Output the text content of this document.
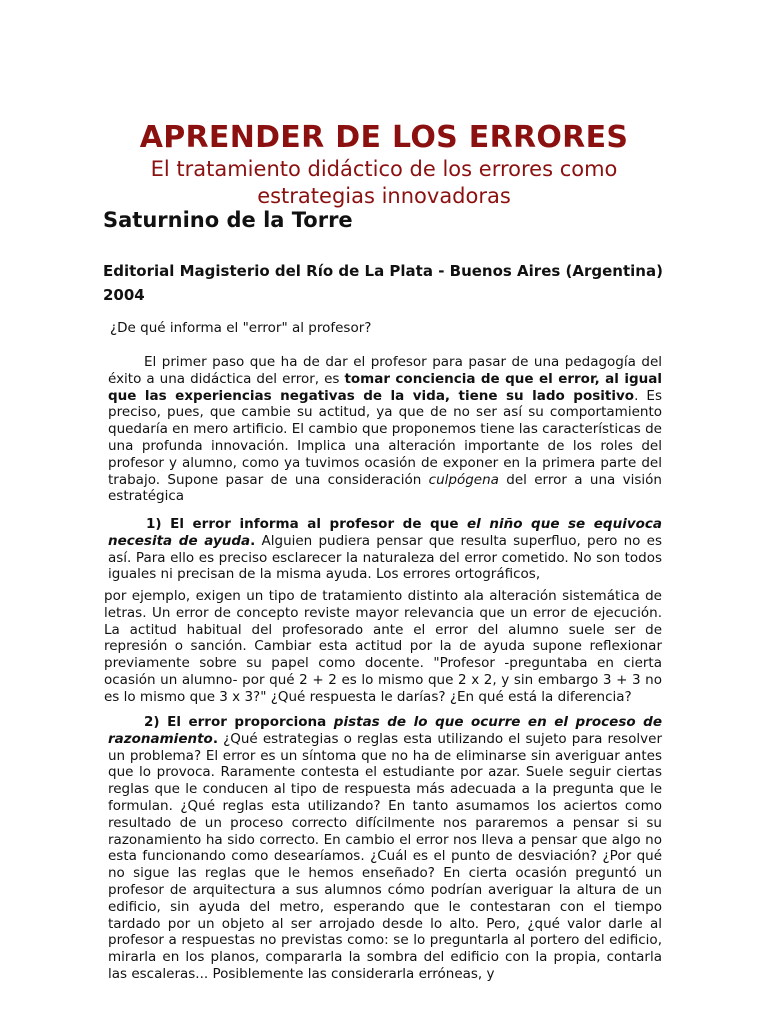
APRENDER DE LOS ERRORES

El tratamiento didáctico de los errores como estrategias innovadoras

Saturnino de la Torre

Editorial Magisterio del Río de La Plata - Buenos Aires (Argentina) 2004

¿De qué informa el "error" al profesor?

El primer paso que ha de dar el profesor para pasar de una pedagogía del éxito a una didáctica del error, es tomar conciencia de que el error, al igual que las experiencias negativas de la vida, tiene su lado positivo. Es preciso, pues, que cambie su actitud, ya que de no ser así su comportamiento quedaría en mero artificio. El cambio que proponemos tiene las características de una profunda innovación. Implica una alteración importante de los roles del profesor y alumno, como ya tuvimos ocasión de exponer en la primera parte del trabajo. Supone pasar de una consideración culpógena del error a una visión estratégica

1) El error informa al profesor de que el niño que se equivoca necesita de ayuda. Alguien pudiera pensar que resulta superfluo, pero no es así. Para ello es preciso esclarecer la naturaleza del error cometido. No son todos iguales ni precisan de la misma ayuda. Los errores ortográficos,

por ejemplo, exigen un tipo de tratamiento distinto ala alteración sistemática de letras. Un error de concepto reviste mayor relevancia que un error de ejecución. La actitud habitual del profesorado ante el error del alumno suele ser de represión o sanción. Cambiar esta actitud por la de ayuda supone reflexionar previamente sobre su papel como docente. "Profesor -preguntaba en cierta ocasión un alumno- por qué 2 + 2 es lo mismo que 2 x 2, y sin embargo 3 + 3 no es lo mismo que 3 x 3?" ¿Qué respuesta le darías? ¿En qué está la diferencia?

2) El error proporciona pistas de lo que ocurre en el proceso de razonamiento. ¿Qué estrategias o reglas esta utilizando el sujeto para resolver un problema? El error es un síntoma que no ha de eliminarse sin averiguar antes que lo provoca. Raramente contesta el estudiante por azar. Suele seguir ciertas reglas que le conducen al tipo de respuesta más adecuada a la pregunta que le formulan. ¿Qué reglas esta utilizando? En tanto asumamos los aciertos como resultado de un proceso correcto difícilmente nos pararemos a pensar si su razonamiento ha sido correcto. En cambio el error nos lleva a pensar que algo no esta funcionando como desearíamos. ¿Cuál es el punto de desviación? ¿Por qué no sigue las reglas que le hemos enseñado? En cierta ocasión preguntó un profesor de arquitectura a sus alumnos cómo podrían averiguar la altura de un edificio, sin ayuda del metro, esperando que le contestaran con el tiempo tardado por un objeto al ser arrojado desde lo alto. Pero, ¿qué valor darle al profesor a respuestas no previstas como: se lo preguntarla al portero del edificio, mirarla en los planos, compararla la sombra del edificio con la propia, contarla las escaleras... Posiblemente las considerarla erróneas, y
